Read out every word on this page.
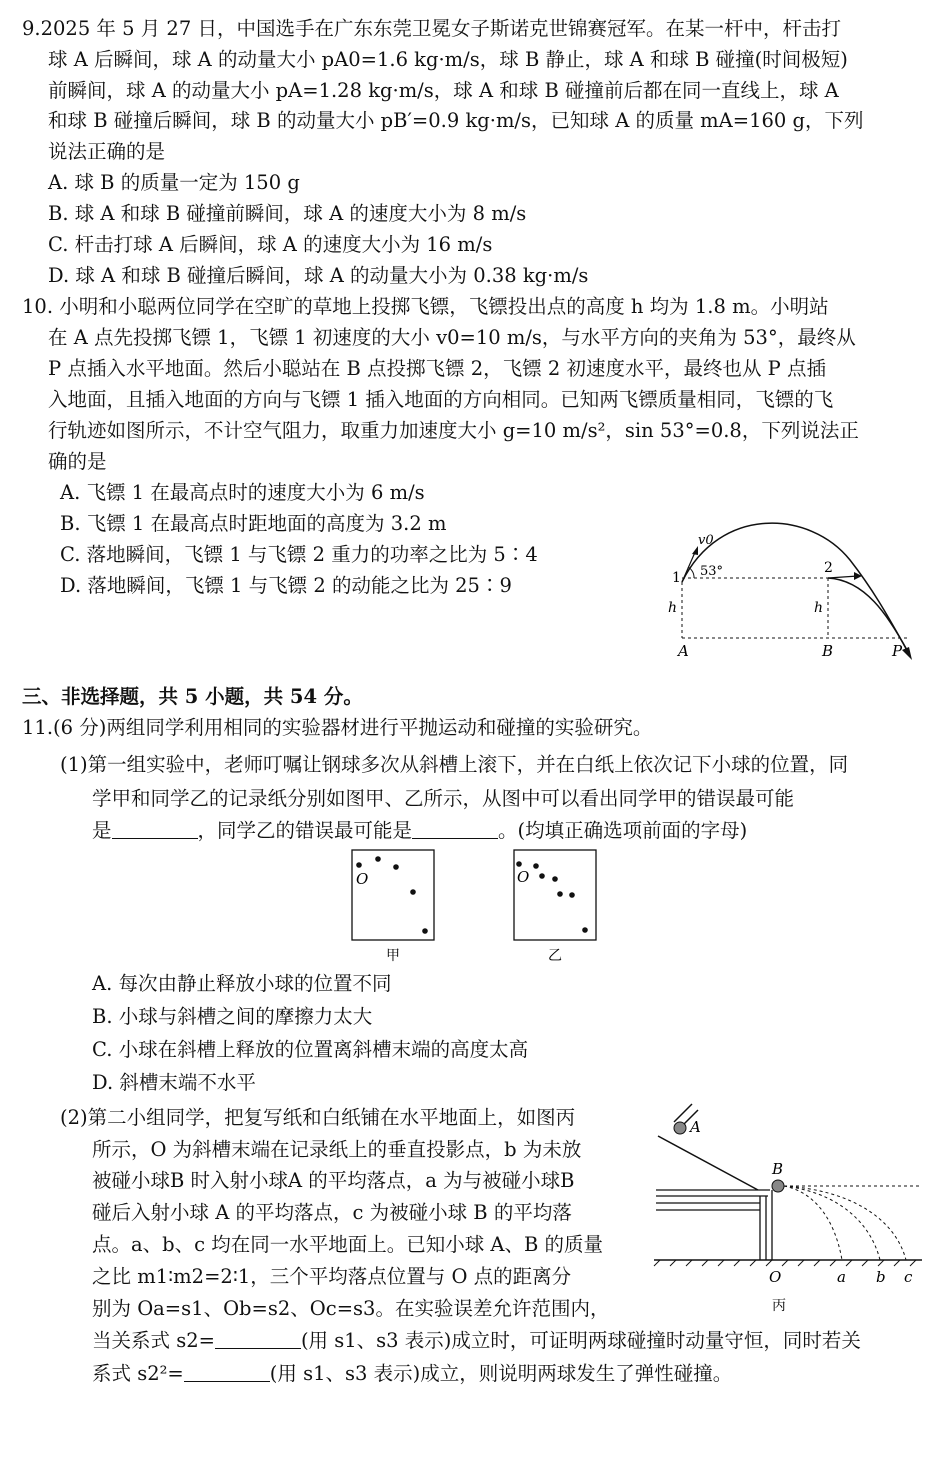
9.2025 年 5 月 27 日，中国选手在广东东莞卫冕女子斯诺克世锦赛冠军。在某一杆中，杆击打
球 A 后瞬间，球 A 的动量大小 pA0=1.6 kg·m/s，球 B 静止，球 A 和球 B 碰撞(时间极短)
前瞬间，球 A 的动量大小 pA=1.28 kg·m/s，球 A 和球 B 碰撞前后都在同一直线上，球 A
和球 B 碰撞后瞬间，球 B 的动量大小 pB′=0.9 kg·m/s，已知球 A 的质量 mA=160 g，下列
说法正确的是
A. 球 B 的质量一定为 150 g
B. 球 A 和球 B 碰撞前瞬间，球 A 的速度大小为 8 m/s
C. 杆击打球 A 后瞬间，球 A 的速度大小为 16 m/s
D. 球 A 和球 B 碰撞后瞬间，球 A 的动量大小为 0.38 kg·m/s
10. 小明和小聪两位同学在空旷的草地上投掷飞镖，飞镖投出点的高度 h 均为 1.8 m。小明站
在 A 点先投掷飞镖 1，飞镖 1 初速度的大小 v0=10 m/s，与水平方向的夹角为 53°，最终从
P 点插入水平地面。然后小聪站在 B 点投掷飞镖 2，飞镖 2 初速度水平，最终也从 P 点插
入地面，且插入地面的方向与飞镖 1 插入地面的方向相同。已知两飞镖质量相同，飞镖的飞
行轨迹如图所示，不计空气阻力，取重力加速度大小 g=10 m/s²，sin 53°=0.8，下列说法正
确的是
A. 飞镖 1 在最高点时的速度大小为 6 m/s
B. 飞镖 1 在最高点时距地面的高度为 3.2 m
C. 落地瞬间，飞镖 1 与飞镖 2 重力的功率之比为 5∶4
D. 落地瞬间，飞镖 1 与飞镖 2 的动能之比为 25∶9
v0
53°
1
2
h	h
A	B	P
三、非选择题，共 5 小题，共 54 分。
11.(6 分)两组同学利用相同的实验器材进行平抛运动和碰撞的实验研究。
(1)第一组实验中，老师叮嘱让钢球多次从斜槽上滚下，并在白纸上依次记下小球的位置，同
学甲和同学乙的记录纸分别如图甲、乙所示，从图中可以看出同学甲的错误最可能
是	，同学乙的错误最可能是	。(均填正确选项前面的字母)
O
甲
O
乙
A. 每次由静止释放小球的位置不同
B. 小球与斜槽之间的摩擦力太大
C. 小球在斜槽上释放的位置离斜槽末端的高度太高
D. 斜槽末端不水平
(2)第二小组同学，把复写纸和白纸铺在水平地面上，如图丙
所示，O 为斜槽末端在记录纸上的垂直投影点，b 为未放
被碰小球B 时入射小球A 的平均落点，a 为与被碰小球B
碰后入射小球 A 的平均落点，c 为被碰小球 B 的平均落
点。a、b、c 均在同一水平地面上。已知小球 A、B 的质量
之比 m1∶m2=2∶1，三个平均落点位置与 O 点的距离分
别为 Oa=s1、Ob=s2、Oc=s3。在实验误差允许范围内，
当关系式 s2=	(用 s1、s3 表示)成立时，可证明两球碰撞时动量守恒，同时若关
系式 s2²=	(用 s1、s3 表示)成立，则说明两球发生了弹性碰撞。
A
B
O	a b c
丙
